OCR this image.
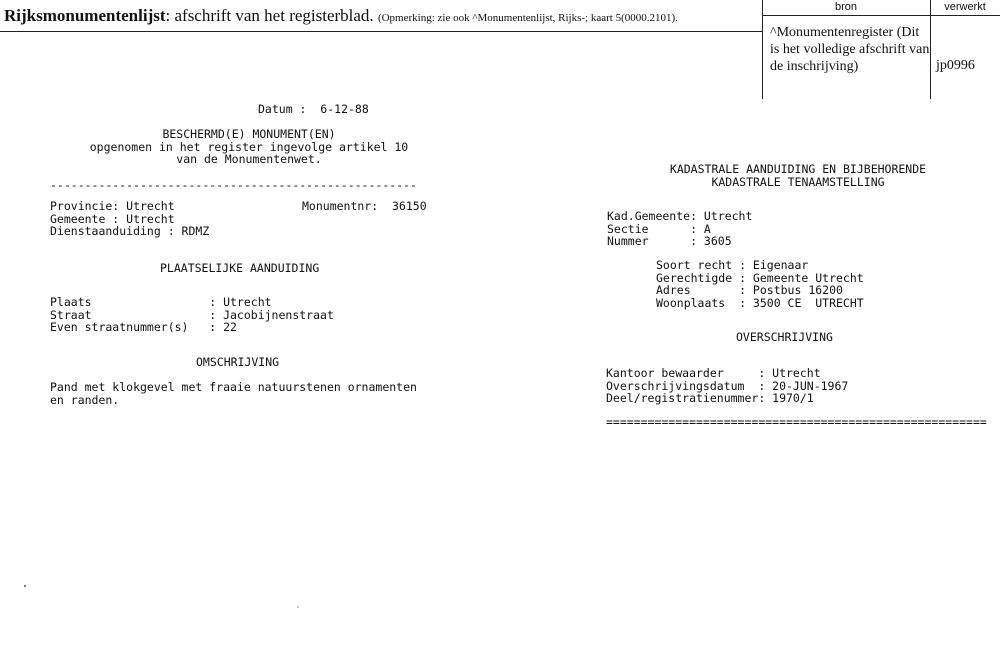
Rijksmonumentenlijst: afschrift van het registerblad. (Opmerking: zie ook ^Monumentenlijst, Rijks-; kaart 5(0000.2101).
bron	verwerkt
^Monumentenregister (Dit is het volledige afschrift van de inschrijving)	jp0996
Datum :  6-12-88
BESCHERMD(E) MONUMENT(EN)
opgenomen in het register ingevolge artikel 10
van de Monumentenwet.
-----------------------------------------------------
Provincie: Utrecht
Gemeente : Utrecht
Dienstaanduiding : RDMZ
Monumentnr:  36150
PLAATSELIJKE AANDUIDING
Plaats                 : Utrecht
Straat                 : Jacobijnenstraat
Even straatnummer(s)   : 22
OMSCHRIJVING
Pand met klokgevel met fraaie natuurstenen ornamenten
en randen.
KADASTRALE AANDUIDING EN BIJBEHORENDE
KADASTRALE TENAAMSTELLING
Kad.Gemeente: Utrecht
Sectie      : A
Nummer      : 3605
Soort recht : Eigenaar
Gerechtigde : Gemeente Utrecht
Adres       : Postbus 16200
Woonplaats  : 3500 CE  UTRECHT
OVERSCHRIJVING
Kantoor bewaarder     : Utrecht
Overschrijvingsdatum  : 20-JUN-1967
Deel/registratienummer: 1970/1
=======================================================
